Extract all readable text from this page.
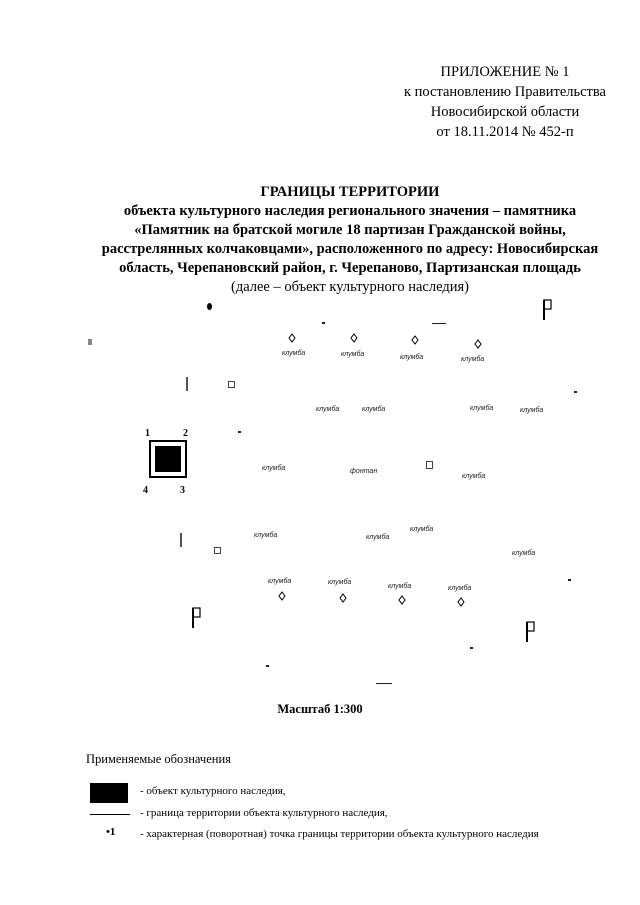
ПРИЛОЖЕНИЕ № 1
к постановлению Правительства
Новосибирской области
от 18.11.2014 № 452-п
ГРАНИЦЫ ТЕРРИТОРИИ
объекта культурного наследия регионального значения – памятника
«Памятник на братской могиле 18 партизан Гражданской войны,
расстрелянных колчаковцами», расположенного по адресу: Новосибирская
область, Черепановский район, г. Черепаново, Партизанская площадь
(далее – объект культурного наследия)
клумба	клумба	клумба	клумба
клумба	клумба	клумба	клумба
1	2
3
4
клумба	фонтан
клумба
клумба	клумба
клумба
клумба
клумба	клумба
клумба	клумба
Масштаб 1:300
Применяемые обозначения
- объект культурного наследия,
- граница территории объекта культурного наследия,
•1 - характерная (поворотная) точка границы территории объекта культурного наследия
